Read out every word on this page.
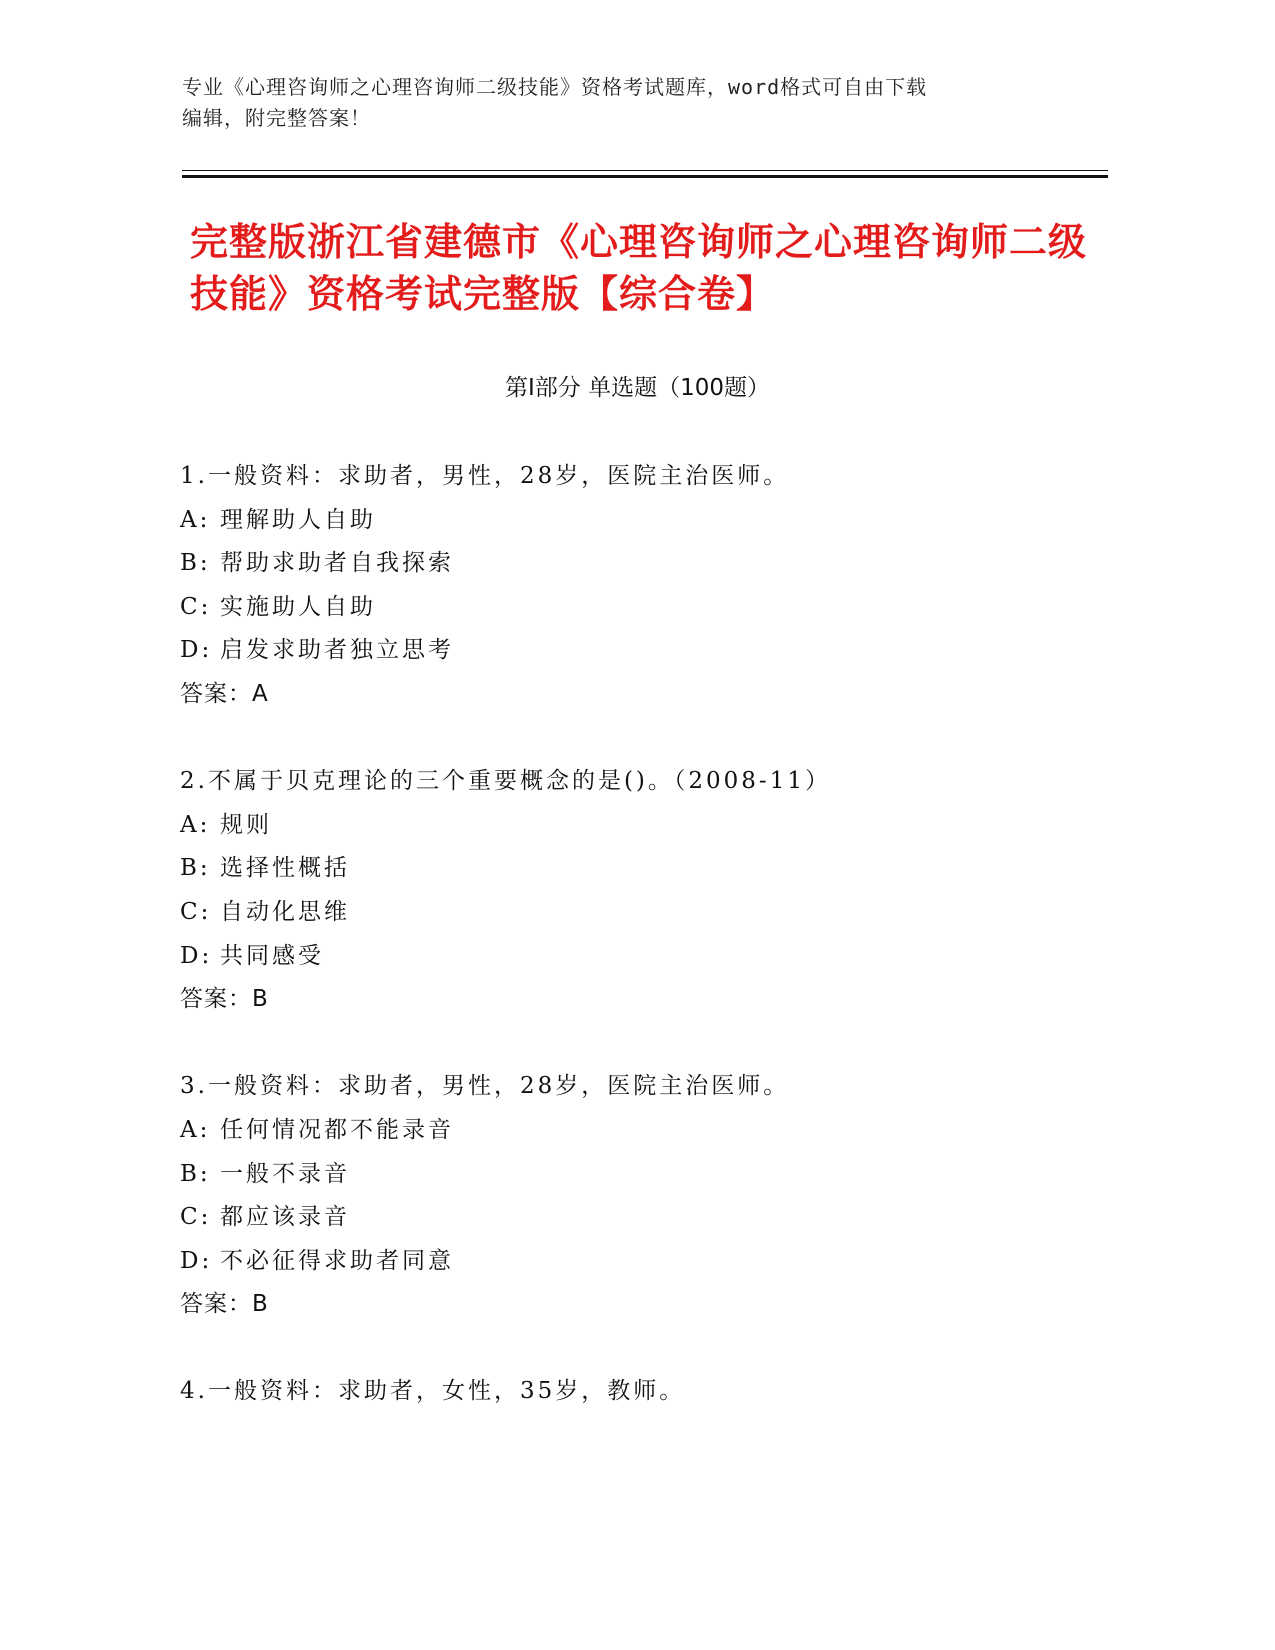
专业《心理咨询师之心理咨询师二级技能》资格考试题库，word格式可自由下载
编辑，附完整答案！
完整版浙江省建德市《心理咨询师之心理咨询师二级技能》资格考试完整版【综合卷】
第Ⅰ部分 单选题（100题）
1.一般资料：求助者，男性，28岁，医院主治医师。
A: 理解助人自助
B: 帮助求助者自我探索
C: 实施助人自助
D: 启发求助者独立思考
答案：A
2.不属于贝克理论的三个重要概念的是()。（2008-11）
A: 规则
B: 选择性概括
C: 自动化思维
D: 共同感受
答案：B
3.一般资料：求助者，男性，28岁，医院主治医师。
A: 任何情况都不能录音
B: 一般不录音
C: 都应该录音
D: 不必征得求助者同意
答案：B
4.一般资料：求助者，女性，35岁，教师。
